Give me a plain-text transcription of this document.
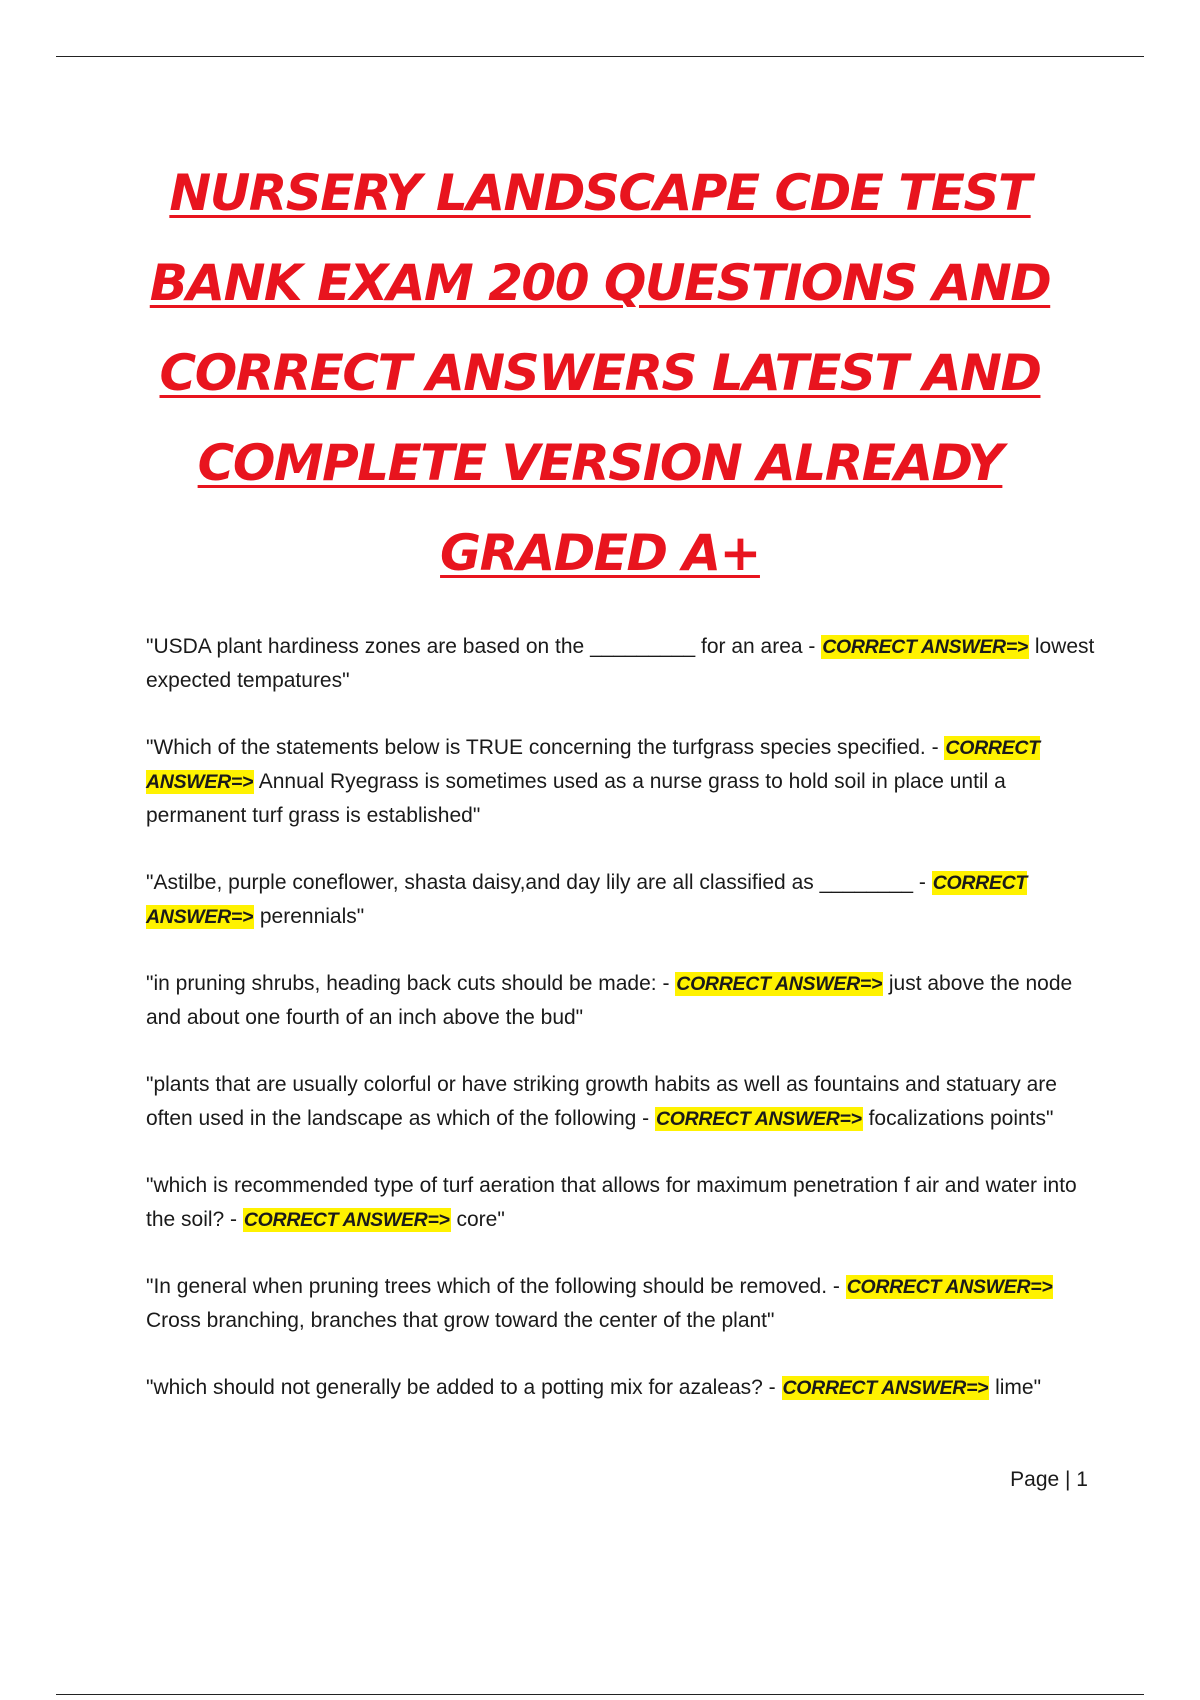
NURSERY LANDSCAPE CDE TEST BANK EXAM 200 QUESTIONS AND CORRECT ANSWERS LATEST AND COMPLETE VERSION ALREADY GRADED A+

"USDA plant hardiness zones are based on the _________ for an area - CORRECT ANSWER=> lowest expected tempatures"

"Which of the statements below is TRUE concerning the turfgrass species specified. - CORRECT ANSWER=> Annual Ryegrass is sometimes used as a nurse grass to hold soil in place until a permanent turf grass is established"

"Astilbe, purple coneflower, shasta daisy,and day lily are all classified as ________ - CORRECT ANSWER=> perennials"

"in pruning shrubs, heading back cuts should be made: - CORRECT ANSWER=> just above the node and about one fourth of an inch above the bud"

"plants that are usually colorful or have striking growth habits as well as fountains and statuary are often used in the landscape as which of the following - CORRECT ANSWER=> focalizations points"

"which is recommended type of turf aeration that allows for maximum penetration f air and water into the soil? - CORRECT ANSWER=> core"

"In general when pruning trees which of the following should be removed. - CORRECT ANSWER=> Cross branching, branches that grow toward the center of the plant"

"which should not generally be added to a potting mix for azaleas? - CORRECT ANSWER=> lime"

Page | 1
